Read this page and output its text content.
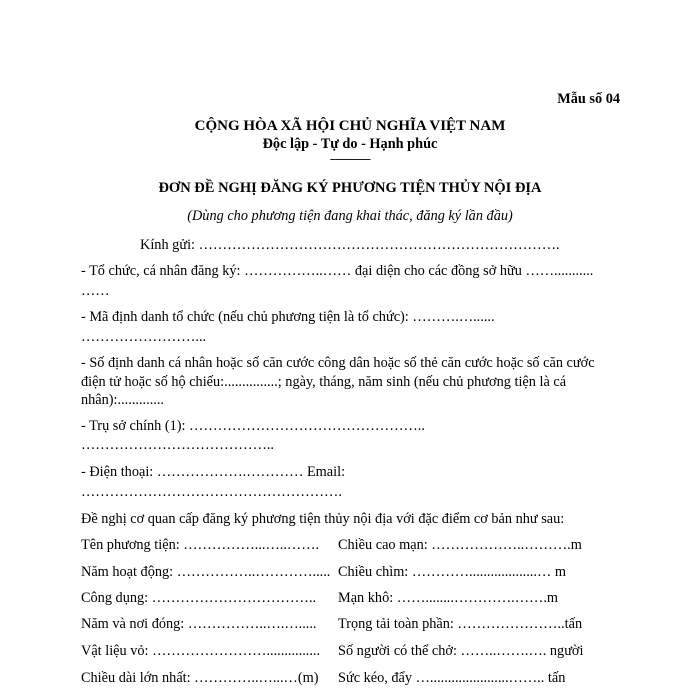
Mẫu số 04
CỘNG HÒA XÃ HỘI CHỦ NGHĨA VIỆT NAM
Độc lập - Tự do - Hạnh phúc
---------------
ĐƠN ĐỀ NGHỊ ĐĂNG KÝ PHƯƠNG TIỆN THỦY NỘI ĐỊA
(Dùng cho phương tiện đang khai thác, đăng ký lần đầu)
Kính gửi: ………………………………………………………………….
- Tổ chức, cá nhân đăng ký: ……………..…… đại diện cho các đồng sở hữu ……...........
……
- Mã định danh tổ chức (nếu chủ phương tiện là tổ chức): ……….…......
……………………...
- Số định danh cá nhân hoặc số căn cước công dân hoặc số thẻ căn cước hoặc số căn cước
điện tử hoặc số hộ chiếu:...............; ngày, tháng, năm sinh (nếu chủ phương tiện là cá
nhân):.............
- Trụ sở chính (1): …………………………………………..
…………………………………..
- Điện thoại: ……………….………… Email:
……………………………………………….
Đề nghị cơ quan cấp đăng ký phương tiện thủy nội địa với đặc điểm cơ bản như sau:
Tên phương tiện: ……………...…..……. Chiều cao mạn: ………………..……….m
Năm hoạt động: ……………..…………..... Chiều chìm: …………...................… m
Công dụng: …………………………….. Mạn khô: ……........………….…….m
Năm và nơi đóng: ……………..….…..... Trọng tải toàn phần: …………………..tấn
Vật liệu vỏ: ……………………............... Số người có thể chở: ……..…….…. người
Chiều dài lớn nhất: …………..…...…(m) Sức kéo, đẩy …......................…….. tấn
